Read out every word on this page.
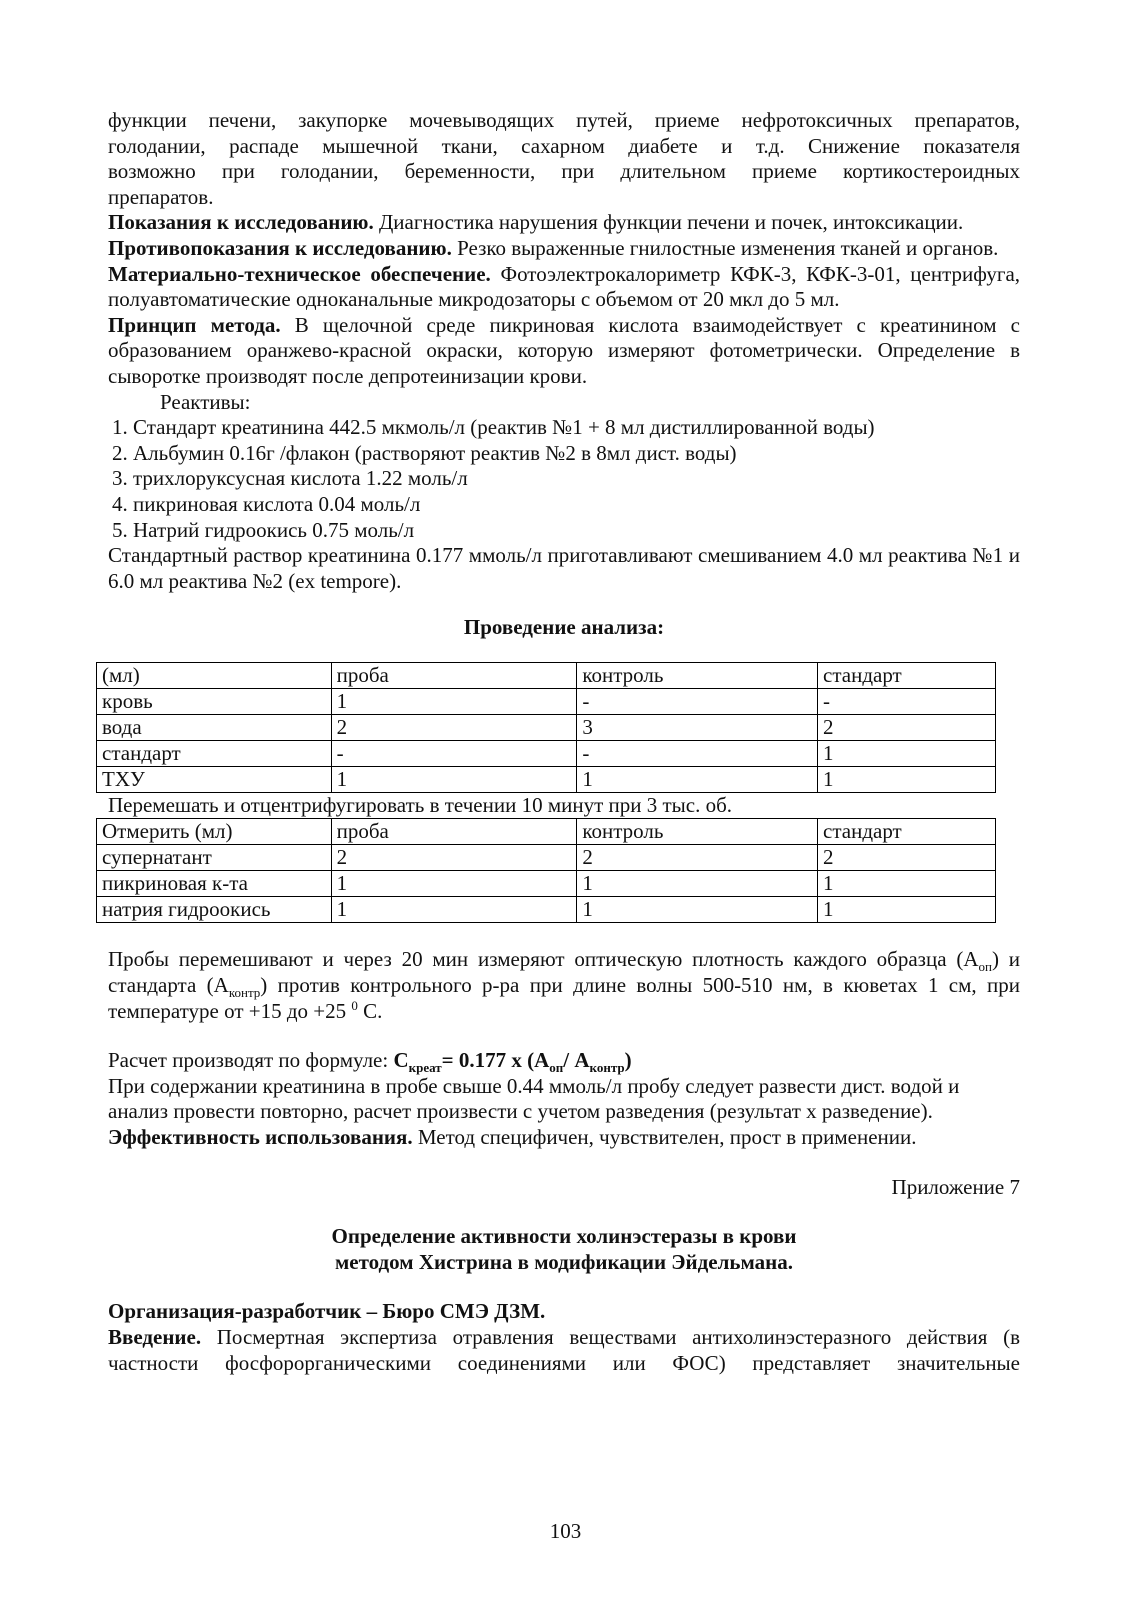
функции печени, закупорке мочевыводящих путей, приеме нефротоксичных препаратов,

голодании, распаде мышечной ткани, сахарном диабете и т.д. Снижение показателя

возможно при голодании, беременности, при длительном приеме кортикостероидных

препаратов.

Показания к исследованию. Диагностика нарушения функции печени и почек, интоксикации.

Противопоказания к исследованию. Резко выраженные гнилостные изменения тканей и органов.

Материально-техническое обеспечение. Фотоэлектрокалориметр КФК-3, КФК-3-01, центрифуга, полуавтоматические одноканальные микродозаторы с объемом от 20 мкл до 5 мл.

Принцип метода. В щелочной среде пикриновая кислота взаимодействует с креатинином с образованием оранжево-красной окраски, которую измеряют фотометрически. Определение в сыворотке производят после депротеинизации крови.

Реактивы:

1. Стандарт креатинина 442.5 мкмоль/л (реактив №1 + 8 мл дистиллированной воды)
2. Альбумин 0.16г /флакон (растворяют реактив №2 в 8мл дист. воды)
3. трихлоруксусная кислота 1.22 моль/л
4. пикриновая кислота 0.04 моль/л
5. Натрий гидроокись 0.75 моль/л

Стандартный раствор креатинина 0.177 ммоль/л приготавливают смешиванием 4.0 мл реактива №1 и 6.0 мл реактива №2 (ex tempore).

Проведение анализа:

(мл)	проба	контроль	стандарт
кровь	1	-	-
вода	2	3	2
стандарт	-	-	1
ТХУ	1	1	1

Перемешать и отцентрифугировать в течении 10 минут при 3 тыс. об.

Отмерить (мл)	проба	контроль	стандарт
супернатант	2	2	2
пикриновая к-та	1	1	1
натрия гидроокись	1	1	1

Пробы перемешивают и через 20 мин измеряют оптическую плотность каждого образца $(А_{оп})$ и стандарта $(А_{контр})$ против контрольного р-ра при длине волны 500-510 нм, в кюветах 1 см, при температуре от +15 до +25 $^0$ С.

Расчет производят по формуле: $С_{креат}= 0.177$ х ($А_{оп}/$ $А_{контр}$)

При содержании креатинина в пробе свыше 0.44 ммоль/л пробу следует развести дист. водой и анализ провести повторно, расчет произвести с учетом разведения (результат х разведение).

Эффективность использования. Метод специфичен, чувствителен, прост в применении.

Приложение 7

Определение активности холинэстеразы в крови

методом Хистрина в модификации Эйдельмана.

Организация-разработчик – Бюро СМЭ ДЗМ.

Введение. Посмертная экспертиза отравления веществами антихолинэстеразного действия (в

частности фосфорорганическими соединениями или ФОС) представляет значительные

103
